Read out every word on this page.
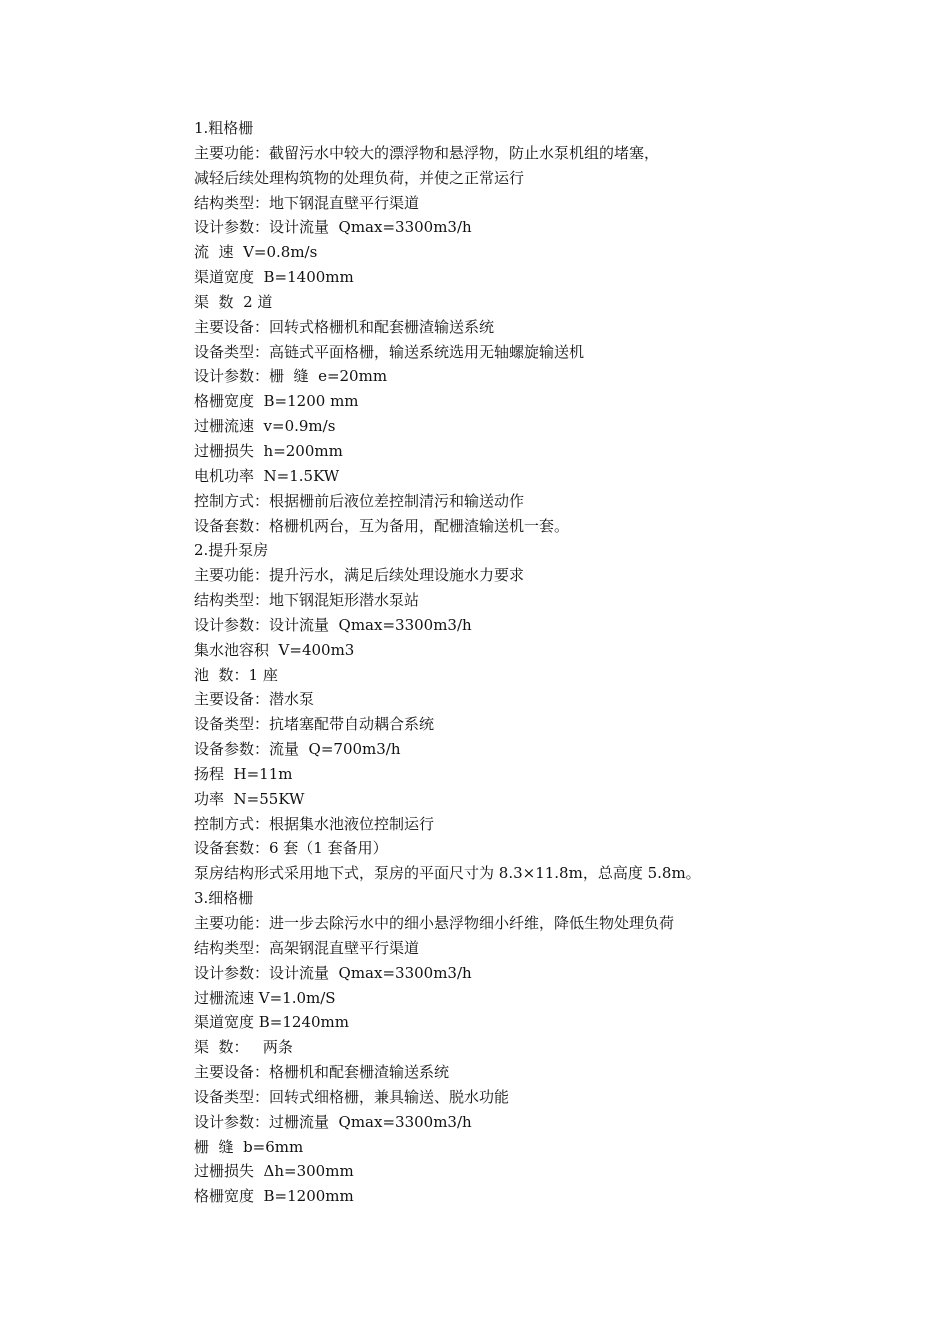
1.粗格栅
主要功能：截留污水中较大的漂浮物和悬浮物，防止水泵机组的堵塞，
减轻后续处理构筑物的处理负荷，并使之正常运行
结构类型：地下钢混直壁平行渠道
设计参数：设计流量  Qmax=3300m3/h
流  速  V=0.8m/s
渠道宽度  B=1400mm
渠  数  2 道
主要设备：回转式格栅机和配套栅渣输送系统
设备类型：高链式平面格栅，输送系统选用无轴螺旋输送机
设计参数：栅  缝  e=20mm
格栅宽度  B=1200 mm
过栅流速  v=0.9m/s
过栅损失  h=200mm
电机功率  N=1.5KW
控制方式：根据栅前后液位差控制清污和输送动作
设备套数：格栅机两台，互为备用，配栅渣输送机一套。
2.提升泵房
主要功能：提升污水，满足后续处理设施水力要求
结构类型：地下钢混矩形潜水泵站
设计参数：设计流量  Qmax=3300m3/h
集水池容积  V=400m3
池  数：1 座
主要设备：潜水泵
设备类型：抗堵塞配带自动耦合系统
设备参数：流量  Q=700m3/h
扬程  H=11m
功率  N=55KW
控制方式：根据集水池液位控制运行
设备套数：6 套（1 套备用）
泵房结构形式采用地下式，泵房的平面尺寸为 8.3×11.8m，总高度 5.8m。
3.细格栅
主要功能：进一步去除污水中的细小悬浮物细小纤维，降低生物处理负荷
结构类型：高架钢混直壁平行渠道
设计参数：设计流量  Qmax=3300m3/h
过栅流速 V=1.0m/S
渠道宽度 B=1240mm
渠  数：   两条
主要设备：格栅机和配套栅渣输送系统
设备类型：回转式细格栅，兼具输送、脱水功能
设计参数：过栅流量  Qmax=3300m3/h
栅  缝  b=6mm
过栅损失  Δh=300mm
格栅宽度  B=1200mm
